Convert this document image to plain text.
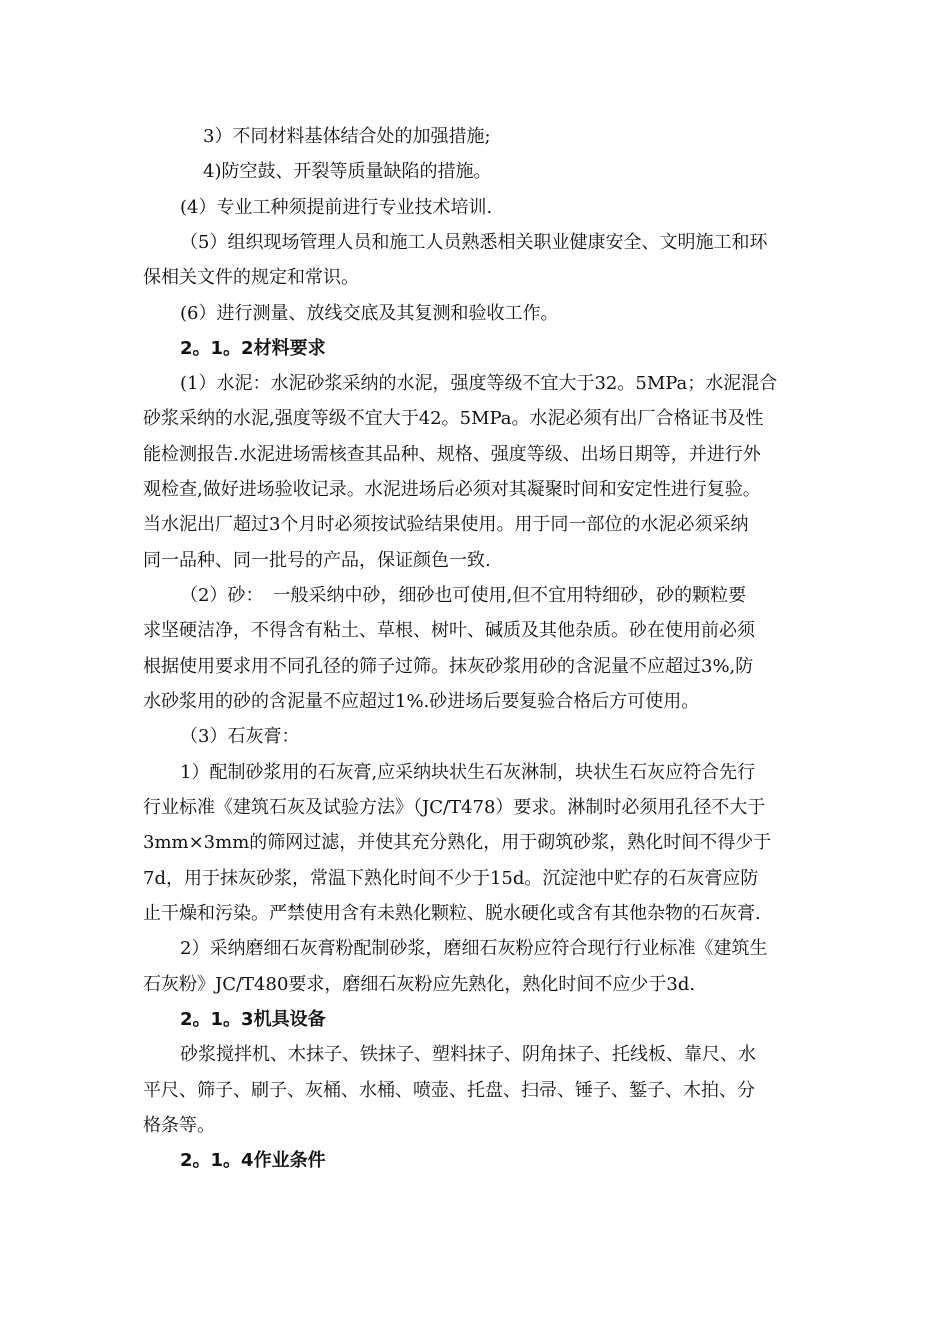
3）不同材料基体结合处的加强措施;
4)防空鼓、开裂等质量缺陷的措施。
(4）专业工种须提前进行专业技术培训.
（5）组织现场管理人员和施工人员熟悉相关职业健康安全、文明施工和环
保相关文件的规定和常识。
(6）进行测量、放线交底及其复测和验收工作。
2。1。2材料要求
(1）水泥：水泥砂浆采纳的水泥，强度等级不宜大于32。5MPa；水泥混合
砂浆采纳的水泥,强度等级不宜大于42。5MPa。水泥必须有出厂合格证书及性
能检测报告.水泥进场需核查其品种、规格、强度等级、出场日期等，并进行外
观检查,做好进场验收记录。水泥进场后必须对其凝聚时间和安定性进行复验。
当水泥出厂超过3个月时必须按试验结果使用。用于同一部位的水泥必须采纳
同一品种、同一批号的产品，保证颜色一致.
（2）砂：　一般采纳中砂，细砂也可使用,但不宜用特细砂，砂的颗粒要
求坚硬洁净，不得含有粘土、草根、树叶、碱质及其他杂质。砂在使用前必须
根据使用要求用不同孔径的筛子过筛。抹灰砂浆用砂的含泥量不应超过3%,防
水砂浆用的砂的含泥量不应超过1%.砂进场后要复验合格后方可使用。
（3）石灰膏：
1）配制砂浆用的石灰膏,应采纳块状生石灰淋制，块状生石灰应符合先行
行业标准《建筑石灰及试验方法》（JC/T478）要求。淋制时必须用孔径不大于
3mm×3mm的筛网过滤，并使其充分熟化，用于砌筑砂浆，熟化时间不得少于
7d，用于抹灰砂浆，常温下熟化时间不少于15d。沉淀池中贮存的石灰膏应防
止干燥和污染。严禁使用含有未熟化颗粒、脱水硬化或含有其他杂物的石灰膏.
2）采纳磨细石灰膏粉配制砂浆，磨细石灰粉应符合现行行业标准《建筑生
石灰粉》JC/T480要求，磨细石灰粉应先熟化，熟化时间不应少于3d.
2。1。3机具设备
砂浆搅拌机、木抹子、铁抹子、塑料抹子、阴角抹子、托线板、靠尺、水
平尺、筛子、刷子、灰桶、水桶、喷壶、托盘、扫帚、锤子、錾子、木拍、分
格条等。
2。1。4作业条件
